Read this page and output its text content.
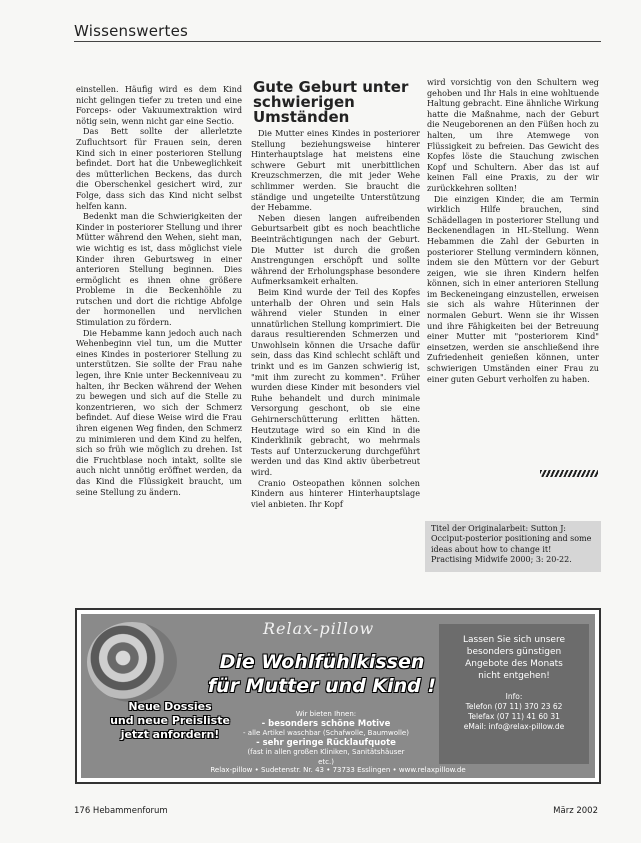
Wissenswertes

einstellen. Häufig wird es dem Kind nicht gelingen tiefer zu treten und eine Forceps- oder Vakuumextraktion wird nötig sein, wenn nicht gar eine Sectio.

Das Bett sollte der allerletzte Zufluchtsort für Frauen sein, deren Kind sich in einer posterioren Stellung befindet. Dort hat die Unbeweglichkeit des mütterlichen Beckens, das durch die Oberschenkel gesichert wird, zur Folge, dass sich das Kind nicht selbst helfen kann.

Bedenkt man die Schwierigkeiten der Kinder in posteriorer Stellung und ihrer Mütter während den Wehen, sieht man, wie wichtig es ist, dass möglichst viele Kinder ihren Geburtsweg in einer anterioren Stellung beginnen. Dies ermöglicht es ihnen ohne größere Probleme in die Beckenhöhle zu rutschen und dort die richtige Abfolge der hormonellen und nervlichen Stimulation zu fördern.

Die Hebamme kann jedoch auch nach Wehenbeginn viel tun, um die Mutter eines Kindes in posteriorer Stellung zu unterstützen. Sie sollte der Frau nahe legen, ihre Knie unter Beckenniveau zu halten, ihr Becken während der Wehen zu bewegen und sich auf die Stelle zu konzentrieren, wo sich der Schmerz befindet. Auf diese Weise wird die Frau ihren eigenen Weg finden, den Schmerz zu minimieren und dem Kind zu helfen, sich so früh wie möglich zu drehen. Ist die Fruchtblase noch intakt, sollte sie auch nicht unnötig eröffnet werden, da das Kind die Flüssigkeit braucht, um seine Stellung zu ändern.

Gute Geburt unter schwierigen Umständen

Die Mutter eines Kindes in posteriorer Stellung beziehungsweise hinterer Hinterhauptslage hat meistens eine schwere Geburt mit unerbittlichen Kreuzschmerzen, die mit jeder Wehe schlimmer werden. Sie braucht die ständige und ungeteilte Unterstützung der Hebamme.

Neben diesen langen aufreibenden Geburtsarbeit gibt es noch beachtliche Beeinträchtigungen nach der Geburt. Die Mutter ist durch die großen Anstrengungen erschöpft und sollte während der Erholungsphase besondere Aufmerksamkeit erhalten.

Beim Kind wurde der Teil des Kopfes unterhalb der Ohren und sein Hals während vieler Stunden in einer unnatürlichen Stellung komprimiert. Die daraus resultierenden Schmerzen und Unwohlsein können die Ursache dafür sein, dass das Kind schlecht schläft und trinkt und es im Ganzen schwierig ist, "mit ihm zurecht zu kommen". Früher wurden diese Kinder mit besonders viel Ruhe behandelt und durch minimale Versorgung geschont, ob sie eine Gehirnerschütterung erlitten hätten. Heutzutage wird so ein Kind in die Kinderklinik gebracht, wo mehrmals Tests auf Unterzuckerung durchgeführt werden und das Kind aktiv überbetreut wird.

Cranio Osteopathen können solchen Kindern aus hinterer Hinterhauptslage viel anbieten. Ihr Kopf

wird vorsichtig von den Schultern weg gehoben und Ihr Hals in eine wohltuende Haltung gebracht. Eine ähnliche Wirkung hatte die Maßnahme, nach der Geburt die Neugeborenen an den Füßen hoch zu halten, um ihre Atemwege von Flüssigkeit zu befreien. Das Gewicht des Kopfes löste die Stauchung zwischen Kopf und Schultern. Aber das ist auf keinen Fall eine Praxis, zu der wir zurückkehren sollten!

Die einzigen Kinder, die am Termin wirklich Hilfe brauchen, sind Schädellagen in posteriorer Stellung und Beckenendlagen in HL-Stellung. Wenn Hebammen die Zahl der Geburten in posteriorer Stellung vermindern können, indem sie den Müttern vor der Geburt zeigen, wie sie ihren Kindern helfen können, sich in einer anterioren Stellung im Beckeneingang einzustellen, erweisen sie sich als wahre Hüterinnen der normalen Geburt. Wenn sie ihr Wissen und ihre Fähigkeiten bei der Betreuung einer Mutter mit "posteriorem Kind" einsetzen, werden sie anschließend ihre Zufriedenheit genießen können, unter schwierigen Umständen einer Frau zu einer guten Geburt verholfen zu haben.

Titel der Originalarbeit: Sutton J: Occiput-posterior positioning and some ideas about how to change it! Practising Midwife 2000; 3: 20-22.
Relax-pillow
Die Wohlfühlkissen
für Mutter und Kind !
Neue Dossies
und neue Preisliste
jetzt anfordern!
Wir bieten Ihnen:
- besonders schöne Motive
- alle Artikel waschbar (Schafwolle, Baumwolle)
- sehr geringe Rücklaufquote
(fast in allen großen Kliniken, Sanitätshäuser etc.)
Lassen Sie sich unsere
besonders günstigen
Angebote des Monats
nicht entgehen!
Info:
Telefon (07 11) 370 23 62
Telefax (07 11) 41 60 31
eMail: info@relax-pillow.de
Relax-pillow • Sudetenstr. Nr. 43 • 73733 Esslingen • www.relaxpillow.de
176 Hebammenforum	März 2002
